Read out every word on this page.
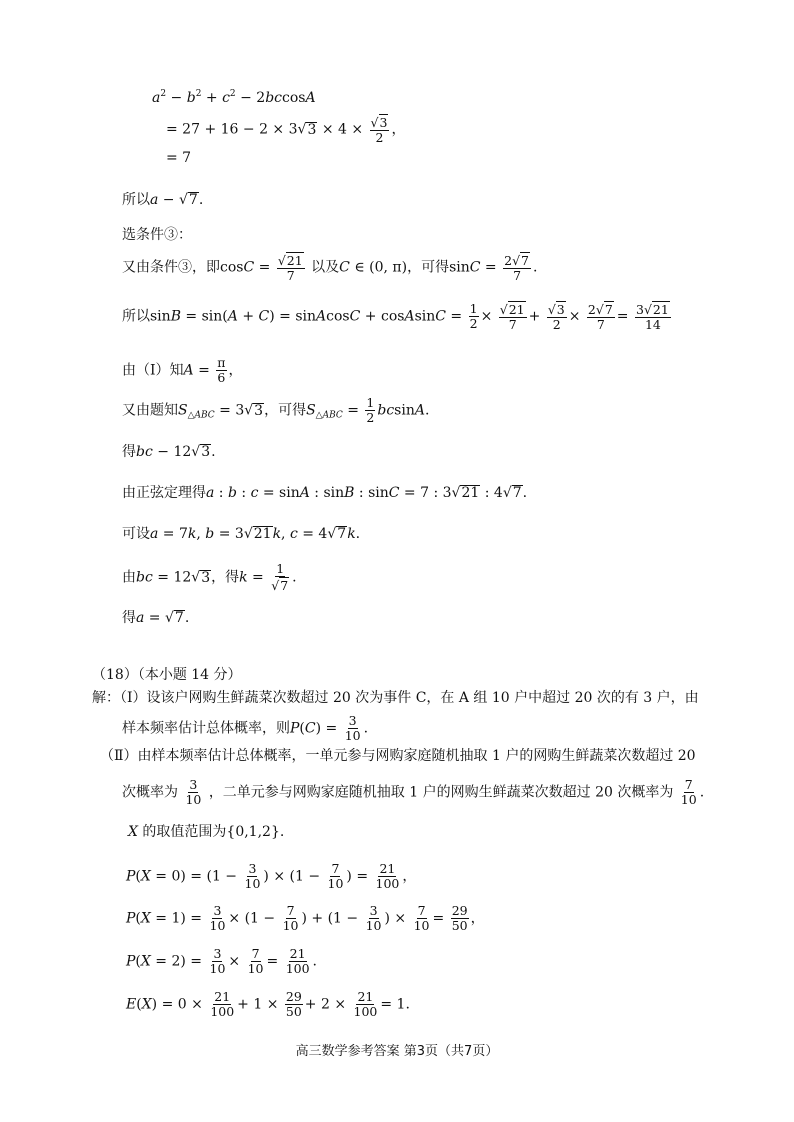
$a^2 - b^2 + c^2 - 2bccosA$
= $27 + 16 - 2 \times 3√3 \times 4 \times \frac{√3}{2}$ ，
= 7
所以a − √7.
选条件③：
又由条件③，即$\cos C = \frac{√21}{7}$ 以及C ∈ (0, π)，可得$\sin C = \frac{2√7}{7}$ .
所以sinB = sin(A + C) = sinAcosC + cosAsinC = $\frac{1}{2} \times \frac{√21}{7} + \frac{√3}{2} \times \frac{2√7}{7} = \frac{3√21}{14}$
由（Ⅰ）知$A = \frac{\pi}{6}$ ，
又由题知$S_{\triangle ABC} = 3√3$，可得$S_{\triangle ABC} = \frac{1}{2} bcsinA$.
得bc − 12√3.
由正弦定理得a : b : c = sinA : sinB : sinC = 7 : 3√21 : 4√7.
可设a = 7k, b = 3√21k, c = 4√7k.
由bc = 12√3，得$k = \frac{1}{√7}$ .
得a = √7.
（18）（本小题 14 分）
解：（Ⅰ）设该户网购生鲜蔬菜次数超过 20 次为事件 C，在 A 组 10 户中超过 20 次的有 3 户，由
样本频率估计总体概率，则$P(C) = \frac{3}{10}$ .
（Ⅱ）由样本频率估计总体概率，一单元参与网购家庭随机抽取 1 户的网购生鲜蔬菜次数超过 20
次概率为 $\frac{3}{10}$ ，二单元参与网购家庭随机抽取 1 户的网购生鲜蔬菜次数超过 20 次概率为 $\frac{7}{10}$ .
X 的取值范围为{0,1,2}.
$P(X = 0) = (1 - \frac{3}{10}$ ) × ($1 - \frac{7}{10}$ ) = $\frac{21}{100}$ ，
$P(X = 1) = \frac{3}{10} \times (1 - \frac{7}{10}$ ) + ($1 - \frac{3}{10}$ ) × $\frac{7}{10} = \frac{29}{50}$ ，
$P(X = 2) = \frac{3}{10} \times \frac{7}{10} = \frac{21}{100}$ .
$E(X) = 0 \times \frac{21}{100} + 1 \times \frac{29}{50} + 2 \times \frac{21}{100} = 1$.
高三数学参考答案 第3页（共7页）
